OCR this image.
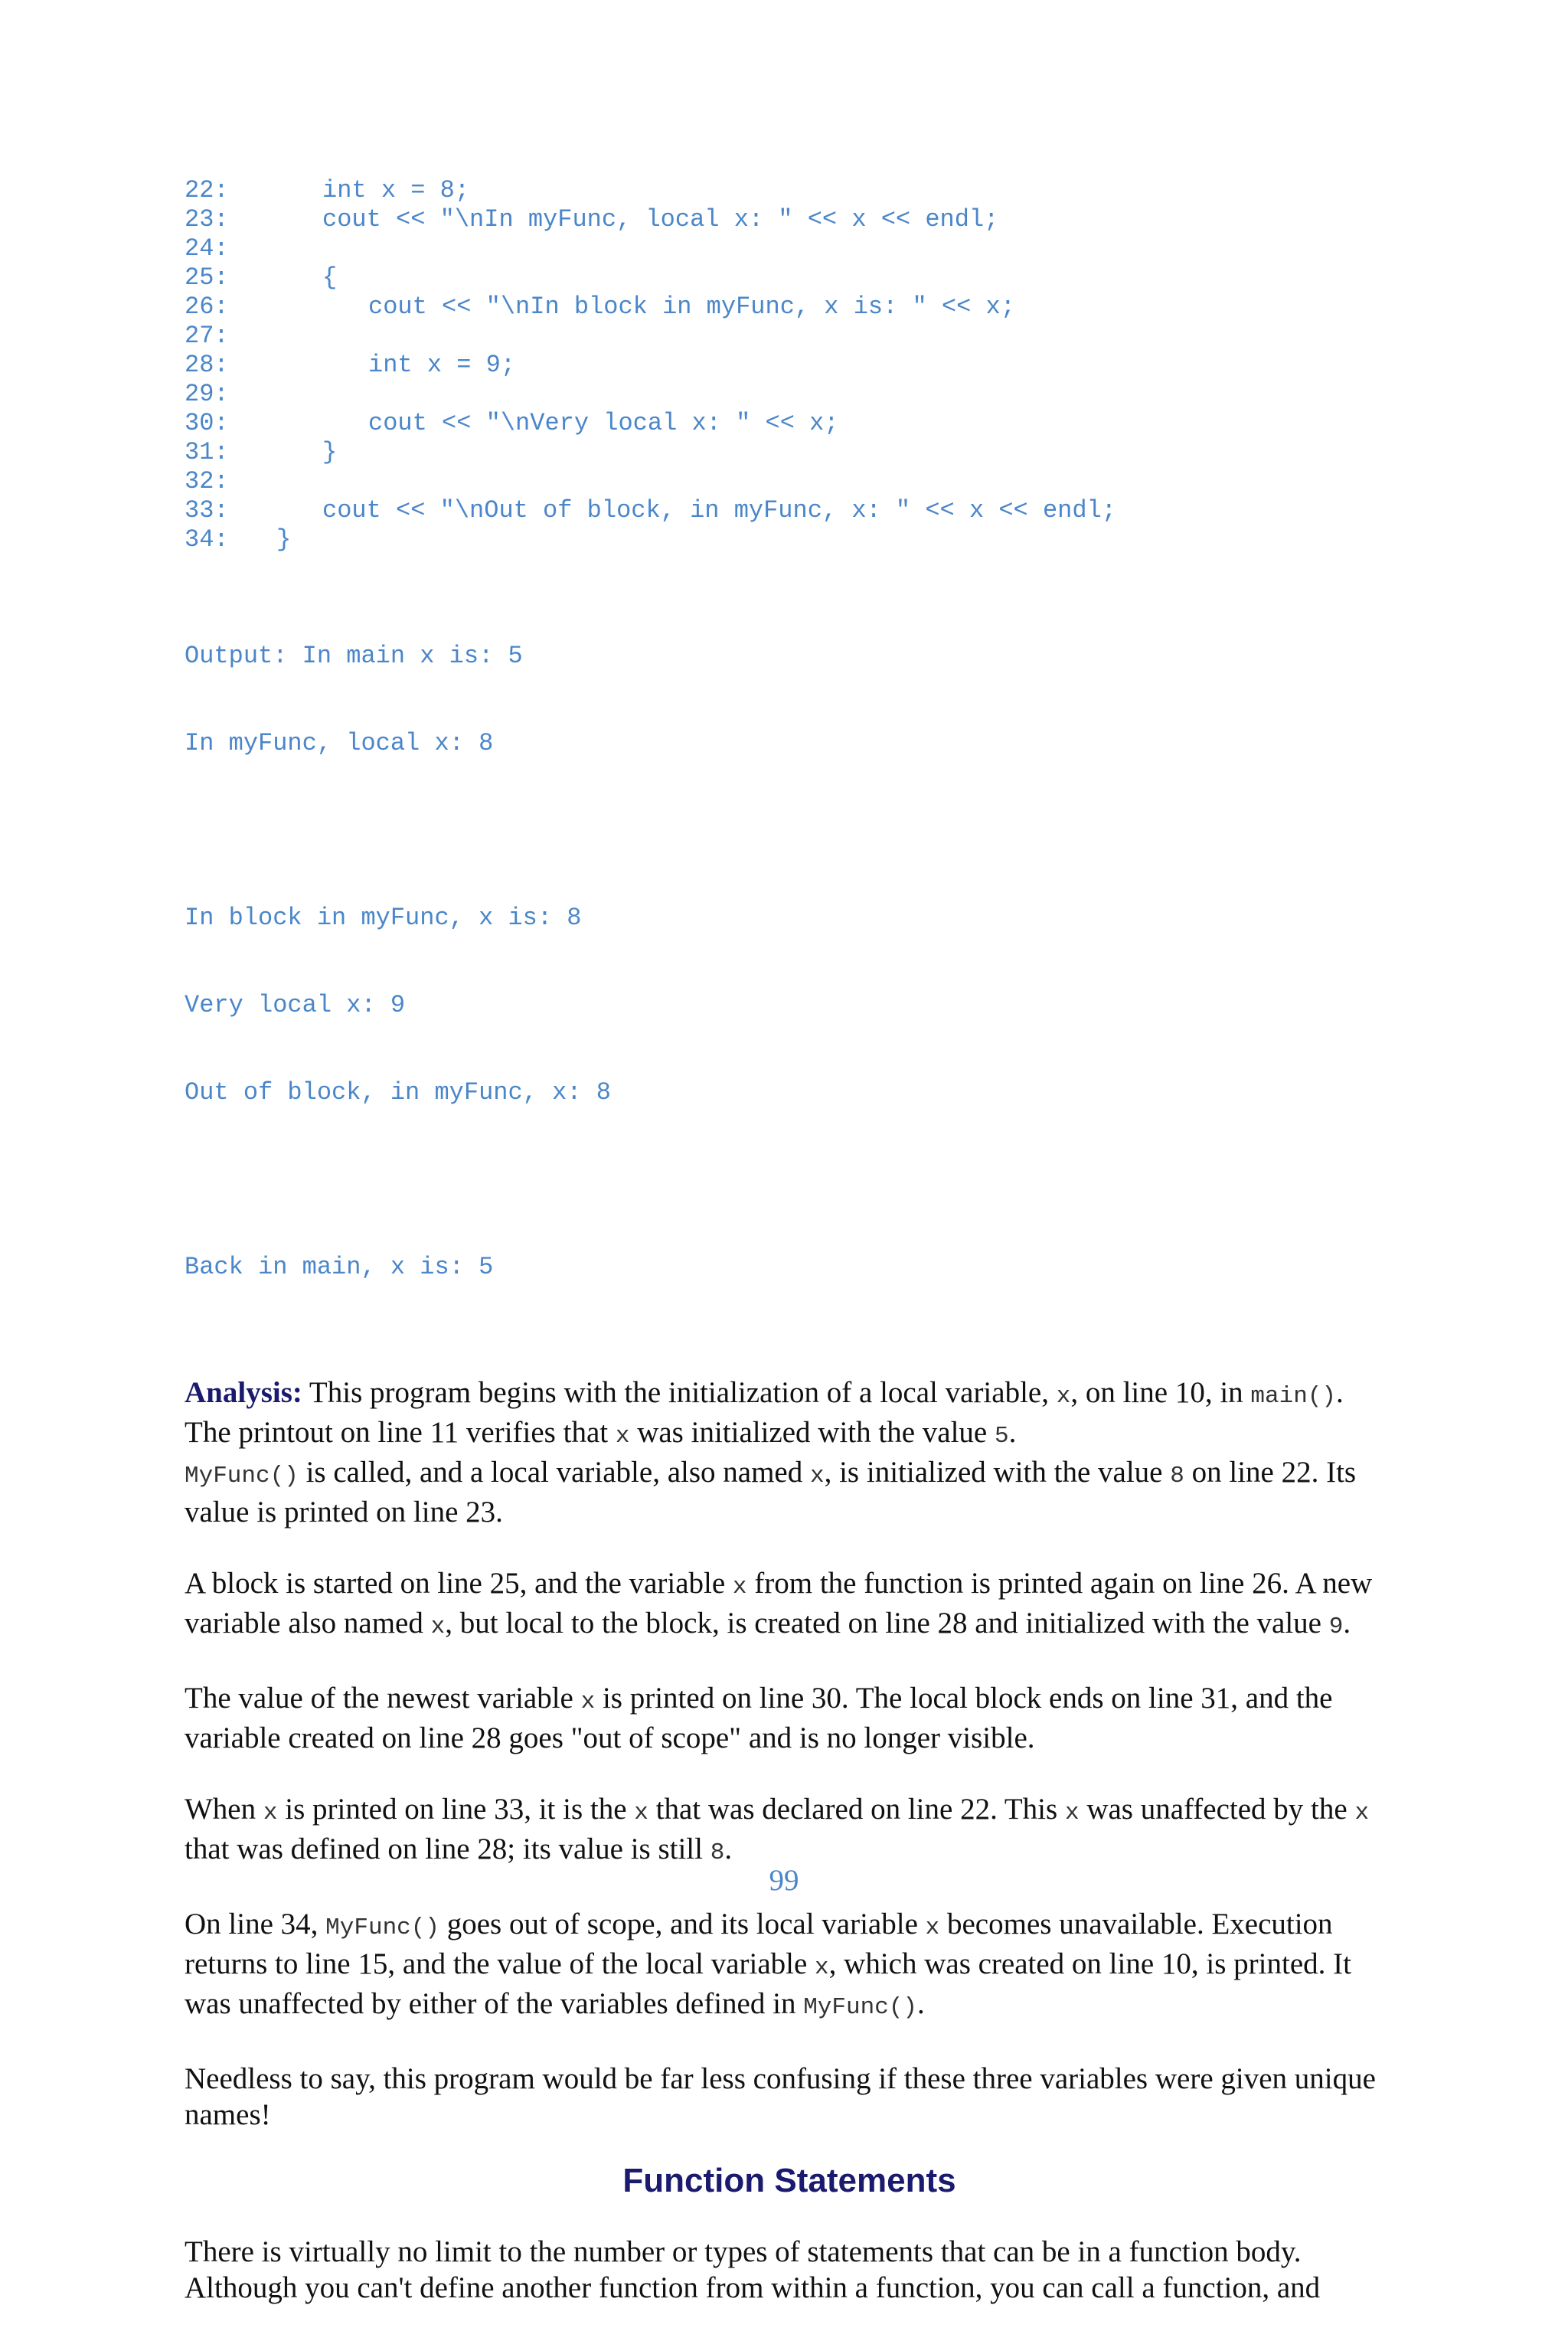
22:	int x = 8;
23:	cout << "\nIn myFunc, local x: " << x << endl;
24:
25:	{
26:	cout << "\nIn block in myFunc, x is: " << x;
27:
28:	int x = 9;
29:
30:	cout << "\nVery local x: " << x;
31:	}
32:
33:	cout << "\nOut of block, in myFunc, x: " << x << endl;
34: }

Output: In main x is: 5

In myFunc, local x: 8

In block in myFunc, x is: 8

Very local x: 9

Out of block, in myFunc, x: 8

Back in main, x is: 5

Analysis: This program begins with the initialization of a local variable, x, on line 10, in main(). The printout on line 11 verifies that x was initialized with the value 5.
MyFunc() is called, and a local variable, also named x, is initialized with the value 8 on line 22. Its value is printed on line 23.

A block is started on line 25, and the variable x from the function is printed again on line 26. A new variable also named x, but local to the block, is created on line 28 and initialized with the value 9.

The value of the newest variable x is printed on line 30. The local block ends on line 31, and the variable created on line 28 goes "out of scope" and is no longer visible.

When x is printed on line 33, it is the x that was declared on line 22. This x was unaffected by the x that was defined on line 28; its value is still 8.

On line 34, MyFunc() goes out of scope, and its local variable x becomes unavailable. Execution returns to line 15, and the value of the local variable x, which was created on line 10, is printed. It was unaffected by either of the variables defined in MyFunc().

Needless to say, this program would be far less confusing if these three variables were given unique names!

Function Statements

There is virtually no limit to the number or types of statements that can be in a function body. Although you can't define another function from within a function, you can call a function, and

99
